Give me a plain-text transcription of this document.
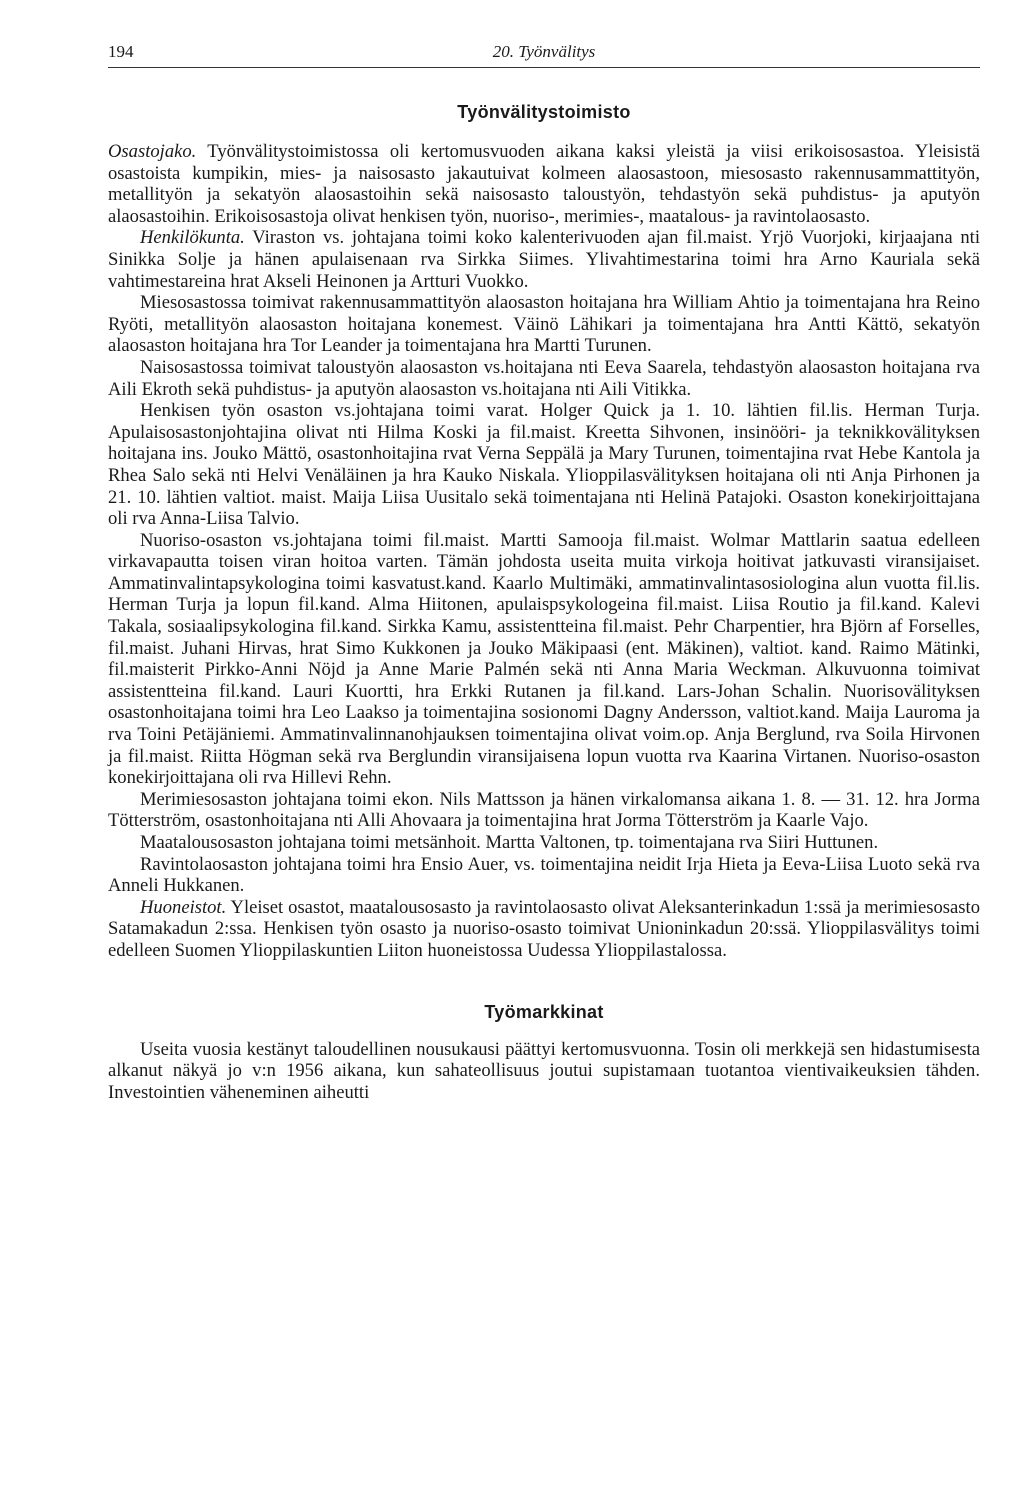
194	20. Työnvälitys
Työnvälitystoimisto

Osastojako. Työnvälitystoimistossa oli kertomusvuoden aikana kaksi yleistä ja viisi erikoisosastoa. Yleisistä osastoista kumpikin, mies- ja naisosasto jakautuivat kolmeen alaosastoon, miesosasto rakennusammattityön, metallityön ja sekatyön alaosastoihin sekä naisosasto taloustyön, tehdastyön sekä puhdistus- ja aputyön alaosastoihin. Erikoisosastoja olivat henkisen työn, nuoriso-, merimies-, maatalous- ja ravintolaosasto.

Henkilökunta. Viraston vs. johtajana toimi koko kalenterivuoden ajan fil.maist. Yrjö Vuorjoki, kirjaajana nti Sinikka Solje ja hänen apulaisenaan rva Sirkka Siimes. Ylivahtimestarina toimi hra Arno Kauriala sekä vahtimestareina hrat Akseli Heinonen ja Artturi Vuokko.

Miesosastossa toimivat rakennusammattityön alaosaston hoitajana hra William Ahtio ja toimentajana hra Reino Ryöti, metallityön alaosaston hoitajana konemest. Väinö Lähikari ja toimentajana hra Antti Kättö, sekatyön alaosaston hoitajana hra Tor Leander ja toimentajana hra Martti Turunen.

Naisosastossa toimivat taloustyön alaosaston vs.hoitajana nti Eeva Saarela, tehdastyön alaosaston hoitajana rva Aili Ekroth sekä puhdistus- ja aputyön alaosaston vs.hoitajana nti Aili Vitikka.

Henkisen työn osaston vs.johtajana toimi varat. Holger Quick ja 1. 10. lähtien fil.lis. Herman Turja. Apulaisosastonjohtajina olivat nti Hilma Koski ja fil.maist. Kreetta Sihvonen, insinööri- ja teknikkovälityksen hoitajana ins. Jouko Mättö, osastonhoitajina rvat Verna Seppälä ja Mary Turunen, toimentajina rvat Hebe Kantola ja Rhea Salo sekä nti Helvi Venäläinen ja hra Kauko Niskala. Ylioppilasvälityksen hoitajana oli nti Anja Pirhonen ja 21. 10. lähtien valtiot. maist. Maija Liisa Uusitalo sekä toimentajana nti Helinä Patajoki. Osaston konekirjoittajana oli rva Anna-Liisa Talvio.

Nuoriso-osaston vs.johtajana toimi fil.maist. Martti Samooja fil.maist. Wolmar Mattlarin saatua edelleen virkavapautta toisen viran hoitoa varten. Tämän johdosta useita muita virkoja hoitivat jatkuvasti viransijaiset. Ammatinvalintapsykologina toimi kasvatust.kand. Kaarlo Multimäki, ammatinvalintasosiologina alun vuotta fil.lis. Herman Turja ja lopun fil.kand. Alma Hiitonen, apulaispsykologeina fil.maist. Liisa Routio ja fil.kand. Kalevi Takala, sosiaalipsykologina fil.kand. Sirkka Kamu, assistentteina fil.maist. Pehr Charpentier, hra Björn af Forselles, fil.maist. Juhani Hirvas, hrat Simo Kukkonen ja Jouko Mäkipaasi (ent. Mäkinen), valtiot. kand. Raimo Mätinki, fil.maisterit Pirkko-Anni Nöjd ja Anne Marie Palmén sekä nti Anna Maria Weckman. Alkuvuonna toimivat assistentteina fil.kand. Lauri Kuortti, hra Erkki Rutanen ja fil.kand. Lars-Johan Schalin. Nuorisovälityksen osastonhoitajana toimi hra Leo Laakso ja toimentajina sosionomi Dagny Andersson, valtiot.kand. Maija Lauroma ja rva Toini Petäjäniemi. Ammatinvalinnanohjauksen toimentajina olivat voim.op. Anja Berglund, rva Soila Hirvonen ja fil.maist. Riitta Högman sekä rva Berglundin viransijaisena lopun vuotta rva Kaarina Virtanen. Nuoriso-osaston konekirjoittajana oli rva Hillevi Rehn.

Merimiesosaston johtajana toimi ekon. Nils Mattsson ja hänen virkalomansa aikana 1. 8. — 31. 12. hra Jorma Tötterström, osastonhoitajana nti Alli Ahovaara ja toimentajina hrat Jorma Tötterström ja Kaarle Vajo.

Maatalousosaston johtajana toimi metsänhoit. Martta Valtonen, tp. toimentajana rva Siiri Huttunen.

Ravintolaosaston johtajana toimi hra Ensio Auer, vs. toimentajina neidit Irja Hieta ja Eeva-Liisa Luoto sekä rva Anneli Hukkanen.

Huoneistot. Yleiset osastot, maatalousosasto ja ravintolaosasto olivat Aleksanterinkadun 1:ssä ja merimiesosasto Satamakadun 2:ssa. Henkisen työn osasto ja nuoriso-osasto toimivat Unioninkadun 20:ssä. Ylioppilasvälitys toimi edelleen Suomen Ylioppilaskuntien Liiton huoneistossa Uudessa Ylioppilastalossa.

Työmarkkinat

Useita vuosia kestänyt taloudellinen nousukausi päättyi kertomusvuonna. Tosin oli merkkejä sen hidastumisesta alkanut näkyä jo v:n 1956 aikana, kun sahateollisuus joutui supistamaan tuotantoa vientivaikeuksien tähden. Investointien väheneminen aiheutti
